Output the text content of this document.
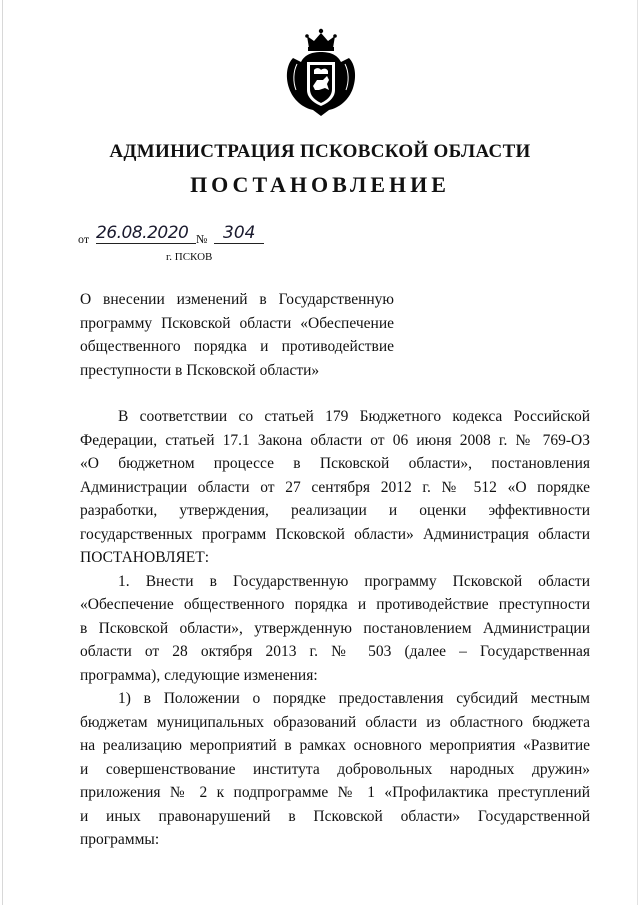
АДМИНИСТРАЦИЯ ПСКОВСКОЙ ОБЛАСТИ
ПОСТАНОВЛЕНИЕ
от 26.08.2020 № 304
г. ПСКОВ
О внесении изменений в Государственную
программу Псковской области «Обеспечение
общественного порядка и противодействие
преступности в Псковской области»
В соответствии со статьей 179 Бюджетного кодекса Российской
Федерации, статьей 17.1 Закона области от 06 июня 2008 г. № 769-ОЗ
«О бюджетном процессе в Псковской области», постановления
Администрации области от 27 сентября 2012 г. № 512 «О порядке
разработки, утверждения, реализации и оценки эффективности
государственных программ Псковской области» Администрация области
ПОСТАНОВЛЯЕТ:
1. Внести в Государственную программу Псковской области
«Обеспечение общественного порядка и противодействие преступности
в Псковской области», утвержденную постановлением Администрации
области от 28 октября 2013 г. № 503 (далее – Государственная
программа), следующие изменения:
1) в Положении о порядке предоставления субсидий местным
бюджетам муниципальных образований области из областного бюджета
на реализацию мероприятий в рамках основного мероприятия «Развитие
и совершенствование института добровольных народных дружин»
приложения № 2 к подпрограмме № 1 «Профилактика преступлений
и иных правонарушений в Псковской области» Государственной
программы:
